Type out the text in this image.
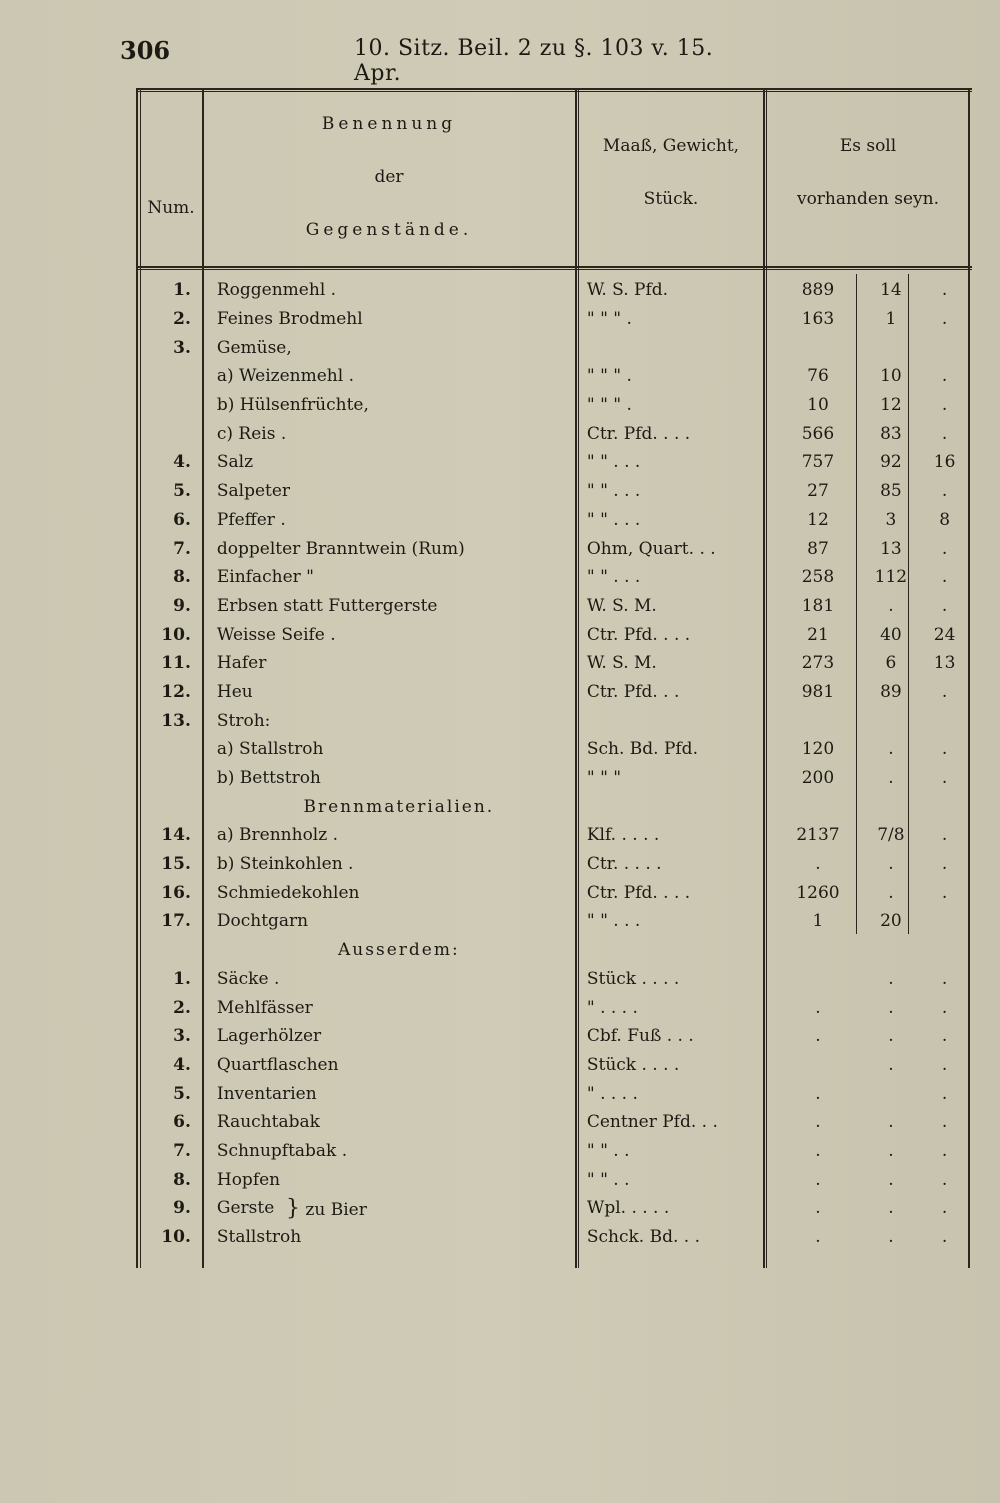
306	10. Sitz. Beil. 2 zu §. 103 v. 15. Apr.
Num.
Benennung
der
Gegenstände.
Maaß, Gewicht,
Stück.
Es soll
vorhanden seyn.
} zu Bier
1.	Roggenmehl .	W. S. Pfd.	889	14	.
2.	Feines Brodmehl	" " " .	163	1	.
3.	Gemüse,				
	a) Weizenmehl .	" " " .	76	10	.
	b) Hülsenfrüchte,	" " " .	10	12	.
	c) Reis .	Ctr. Pfd. . . .	566	83	.
4.	Salz	" " . . .	757	92	16
5.	Salpeter	" " . . .	27	85	.
6.	Pfeffer .	" " . . .	12	3	8
7.	doppelter Branntwein (Rum)	Ohm, Quart. . .	87	13	.
8.	Einfacher "	" " . . .	258	112	.
9.	Erbsen statt Futtergerste	W. S. M.	181	.	.
10.	Weisse Seife .	Ctr. Pfd. . . .	21	40	24
11.	Hafer	W. S. M.	273	6	13
12.	Heu	Ctr. Pfd. . .	981	89	.
13.	Stroh:				
	a) Stallstroh	Sch. Bd. Pfd.	120	.	.
	b) Bettstroh	" " "	200	.	.
	Brennmaterialien.				
14.	a) Brennholz .	Klf. . . . .	2137	7/8	.
15.	b) Steinkohlen .	Ctr. . . . .	.	.	.
16.	Schmiedekohlen	Ctr. Pfd. . . .	1260	.	.
17.	Dochtgarn	" " . . .	1	20	
	Ausserdem:				
1.	Säcke .	Stück . . . .		.	.
2.	Mehlfässer	" . . . .	.	.	.
3.	Lagerhölzer	Cbf. Fuß . . .	.	.	.
4.	Quartflaschen	Stück . . . .		.	.
5.	Inventarien	" . . . .	.		.
6.	Rauchtabak	Centner Pfd. . .	.	.	.
7.	Schnupftabak .	" " . .	.	.	.
8.	Hopfen	" " . .	.	.	.
9.	Gerste	Wpl. . . . .	.	.	.
10.	Stallstroh	Schck. Bd. . .	.	.	.
